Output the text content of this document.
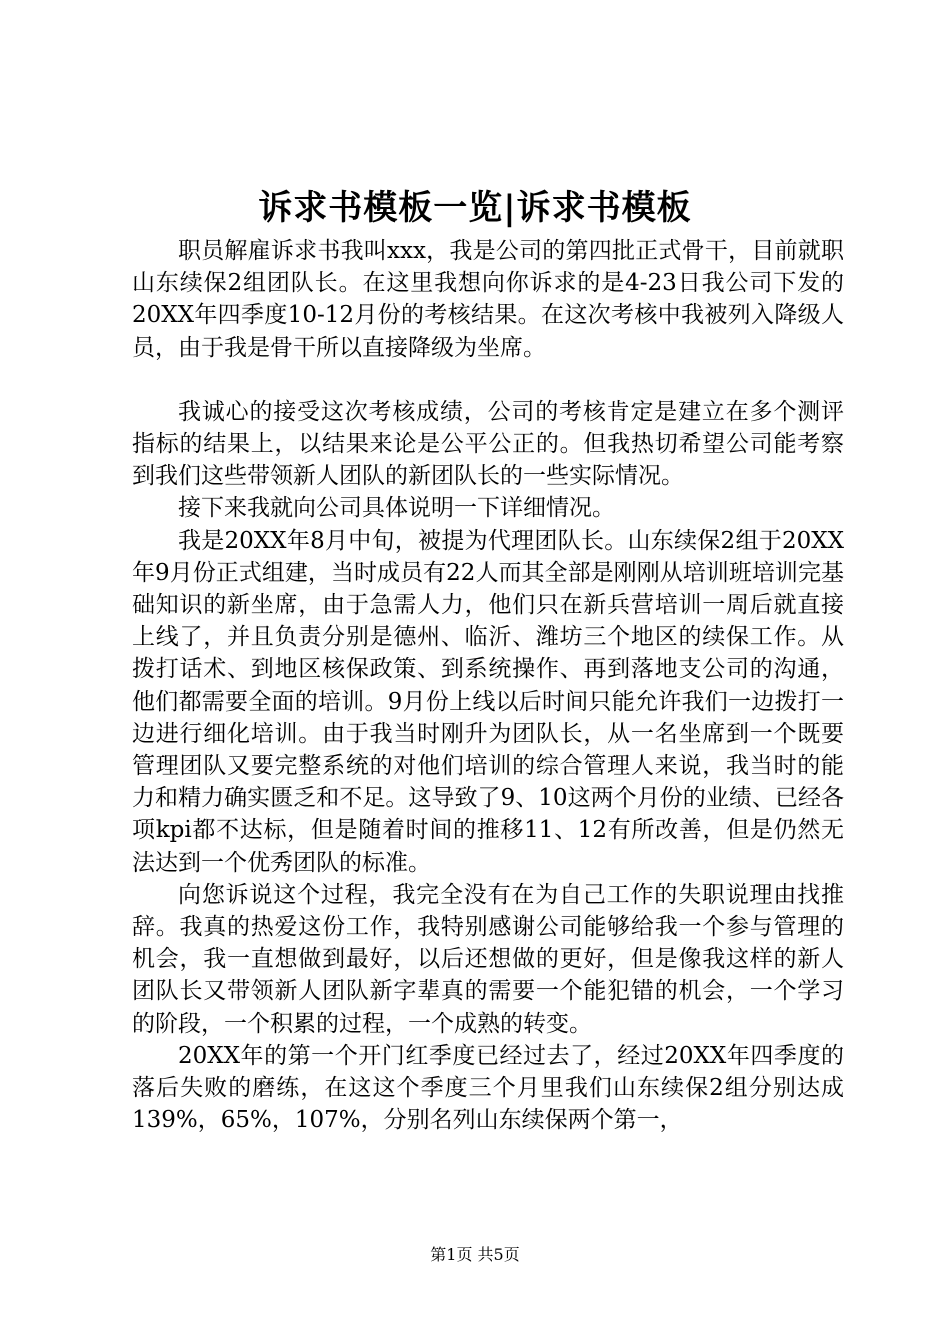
诉求书模板一览|诉求书模板

职员解雇诉求书我叫xxx，我是公司的第四批正式骨干，目前就职山东续保2组团队长。在这里我想向你诉求的是4-23日我公司下发的20XX年四季度10-12月份的考核结果。在这次考核中我被列入降级人员，由于我是骨干所以直接降级为坐席。

我诚心的接受这次考核成绩，公司的考核肯定是建立在多个测评指标的结果上，以结果来论是公平公正的。但我热切希望公司能考察到我们这些带领新人团队的新团队长的一些实际情况。

接下来我就向公司具体说明一下详细情况。

我是20XX年8月中旬，被提为代理团队长。山东续保2组于20XX年9月份正式组建，当时成员有22人而其全部是刚刚从培训班培训完基础知识的新坐席，由于急需人力，他们只在新兵营培训一周后就直接上线了，并且负责分别是德州、临沂、潍坊三个地区的续保工作。从拨打话术、到地区核保政策、到系统操作、再到落地支公司的沟通，他们都需要全面的培训。9月份上线以后时间只能允许我们一边拨打一边进行细化培训。由于我当时刚升为团队长，从一名坐席到一个既要管理团队又要完整系统的对他们培训的综合管理人来说，我当时的能力和精力确实匮乏和不足。这导致了9、10这两个月份的业绩、已经各项kpi都不达标，但是随着时间的推移11、12有所改善，但是仍然无法达到一个优秀团队的标准。

向您诉说这个过程，我完全没有在为自己工作的失职说理由找推辞。我真的热爱这份工作，我特别感谢公司能够给我一个参与管理的机会，我一直想做到最好，以后还想做的更好，但是像我这样的新人团队长又带领新人团队新字辈真的需要一个能犯错的机会，一个学习的阶段，一个积累的过程，一个成熟的转变。

20XX年的第一个开门红季度已经过去了，经过20XX年四季度的落后失败的磨练，在这这个季度三个月里我们山东续保2组分别达成139%，65%，107%，分别名列山东续保两个第一，

第1页 共5页
